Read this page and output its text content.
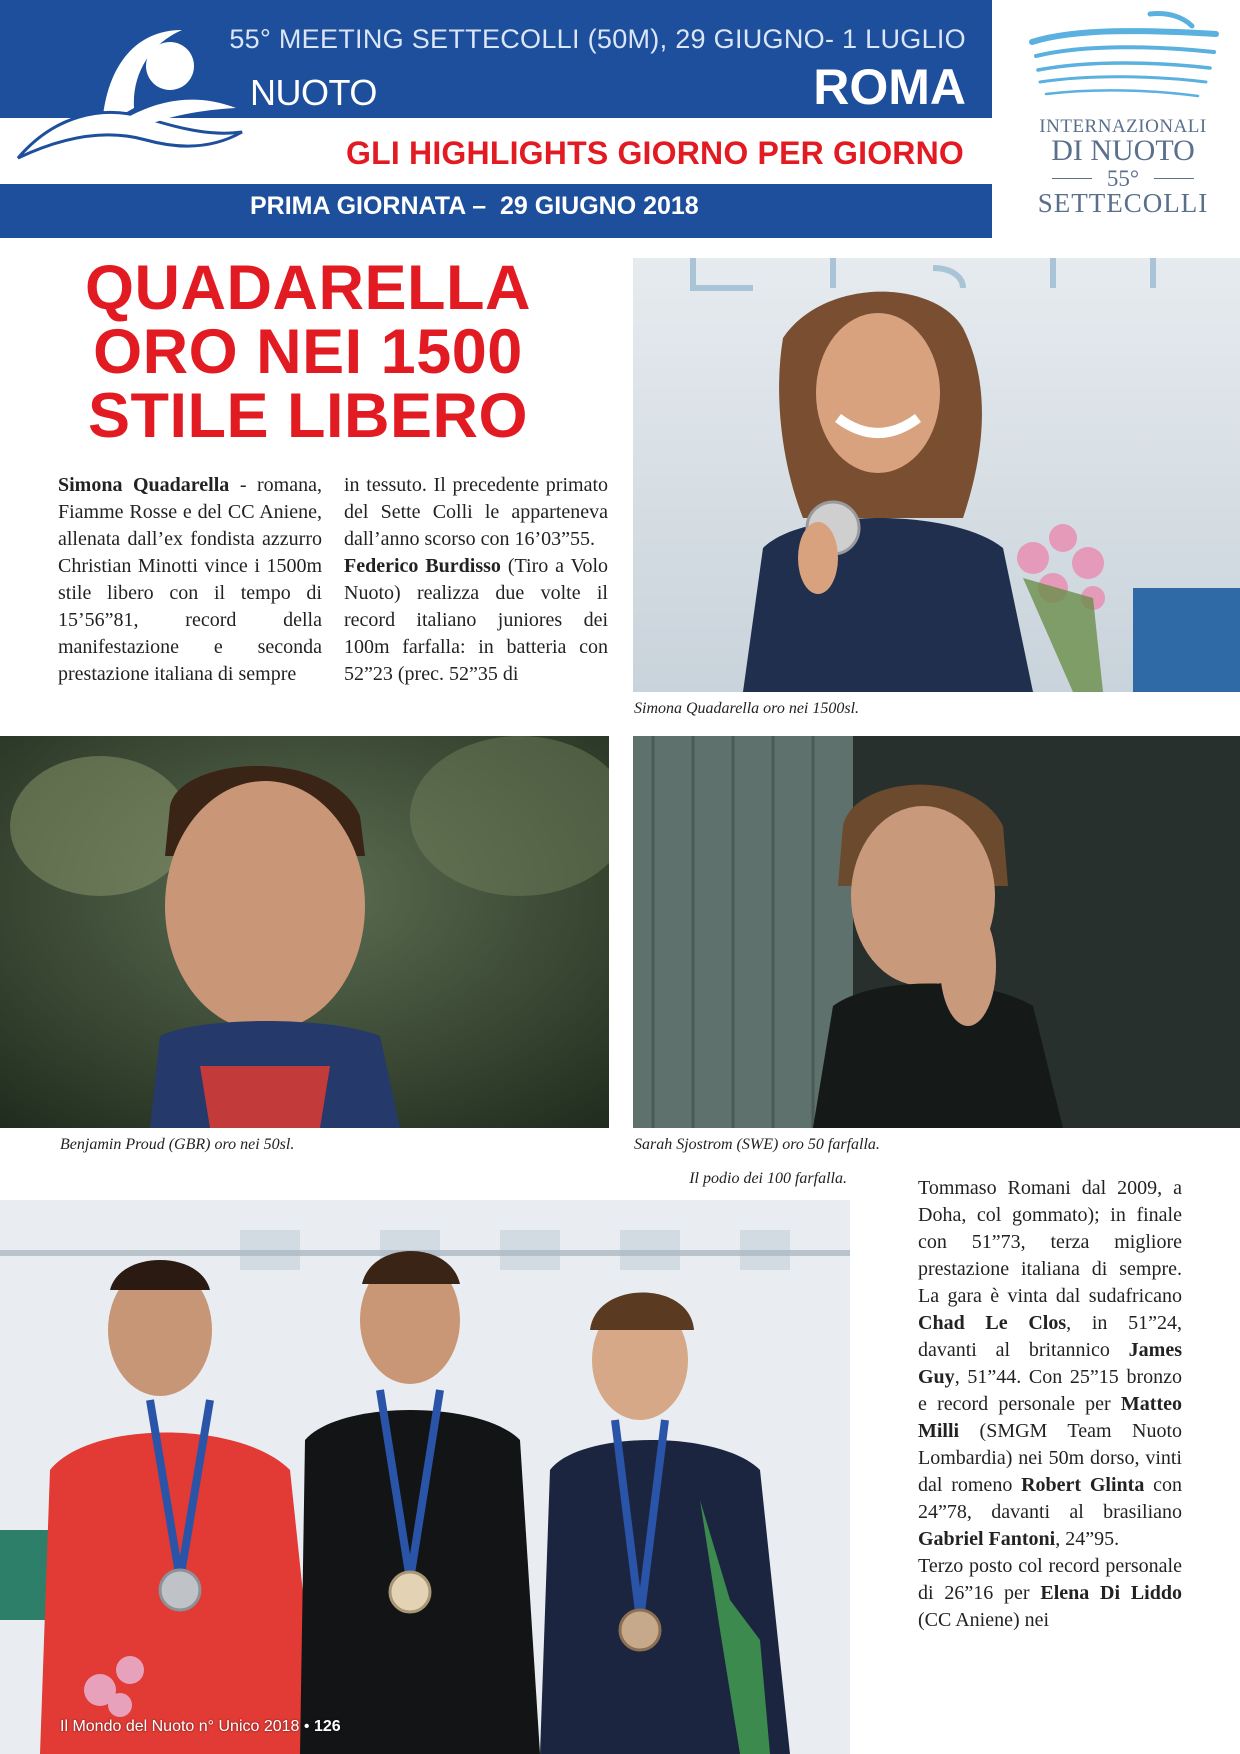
55° MEETING SETTECOLLI (50M), 29 GIUGNO- 1 LUGLIO
NUOTO	ROMA
GLI HIGHLIGHTS GIORNO PER GIORNO
PRIMA GIORNATA –  29 GIUGNO 2018
INTERNAZIONALI
DI NUOTO
55°
SETTECOLLI
QUADARELLA
ORO NEI 1500
STILE LIBERO
Simona Quadarella - romana, Fiamme Rosse e del CC Aniene, allenata dall’ex fondista azzurro Christian Minotti vince i 1500m stile libero con il tempo di 15’56”81, record della manifestazione e seconda prestazione italiana di sempre
in tessuto. Il precedente primato del Sette Colli le apparteneva dall’anno scorso con 16’03”55.
Federico Burdisso (Tiro a Volo Nuoto) realizza due volte il record italiano juniores dei 100m farfalla: in batteria con 52”23 (prec. 52”35 di
Tommaso Romani dal 2009, a Doha, col gommato); in finale con 51”73, terza migliore prestazione italiana di sempre. La gara è vinta dal sudafricano Chad Le Clos, in 51”24, davanti al britannico James Guy, 51”44. Con 25”15 bronzo e record personale per Matteo Milli (SMGM Team Nuoto Lombardia) nei 50m dorso, vinti dal romeno Robert Glinta con 24”78, davanti al brasiliano Gabriel Fantoni, 24”95.
Terzo posto col record personale di 26”16 per Elena Di Liddo (CC Aniene) nei
Simona Quadarella oro nei 1500sl.
Benjamin Proud (GBR) oro nei 50sl.	Sarah Sjostrom (SWE) oro 50 farfalla.
Il podio dei 100 farfalla.
Il Mondo del Nuoto n° Unico 2018 • 126
